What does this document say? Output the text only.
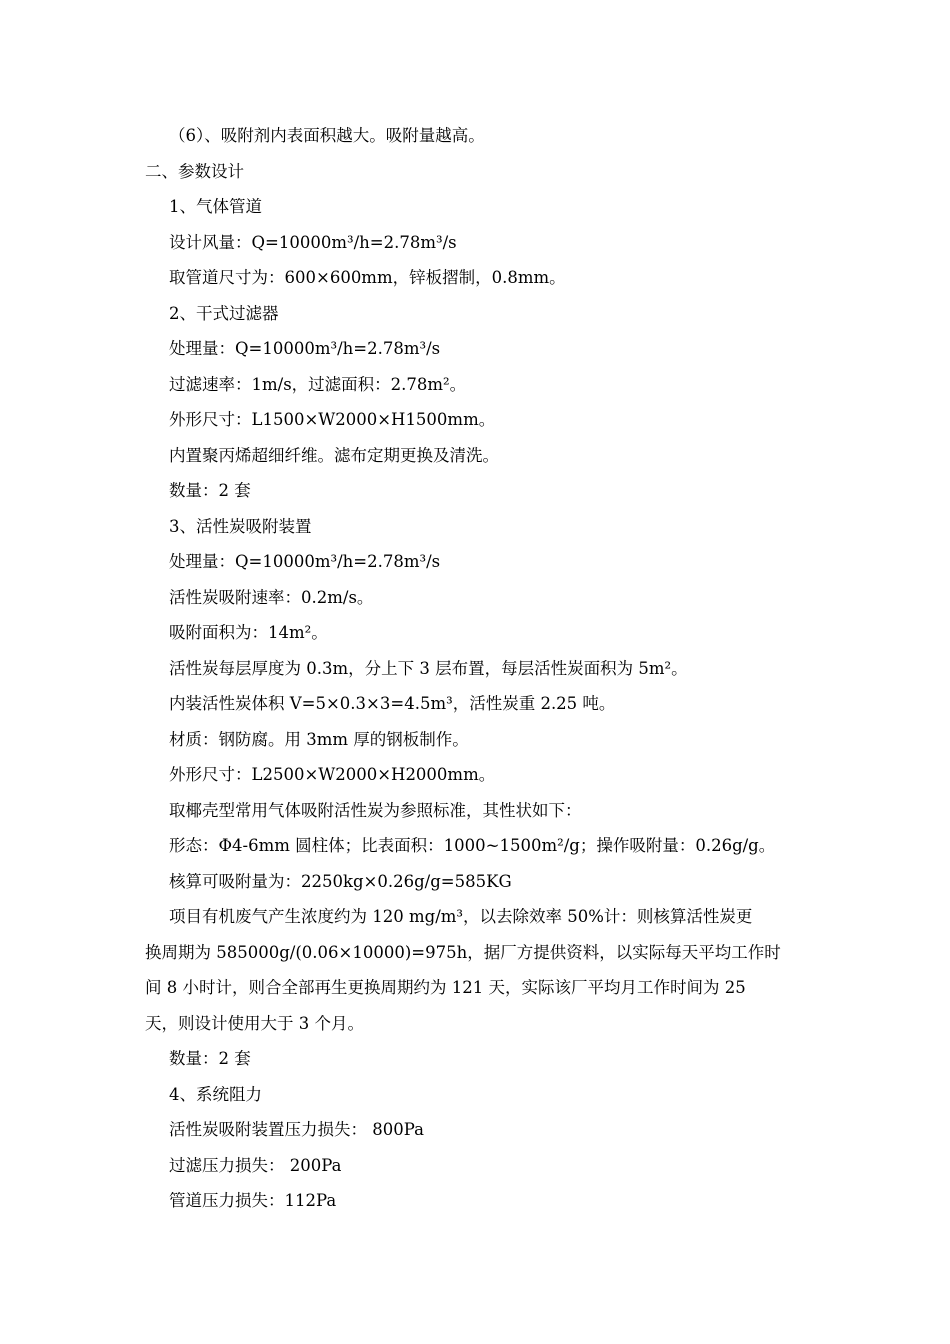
（6）、吸附剂内表面积越大。吸附量越高。
二、参数设计
1、气体管道
设计风量：Q=10000m³/h=2.78m³/s
取管道尺寸为：600×600mm，锌板摺制，0.8mm。
2、干式过滤器
处理量：Q=10000m³/h=2.78m³/s
过滤速率：1m/s，过滤面积：2.78m²。
外形尺寸：L1500×W2000×H1500mm。
内置聚丙烯超细纤维。滤布定期更换及清洗。
数量：2 套
3、活性炭吸附装置
处理量：Q=10000m³/h=2.78m³/s
活性炭吸附速率：0.2m/s。
吸附面积为：14m²。
活性炭每层厚度为 0.3m，分上下 3 层布置，每层活性炭面积为 5m²。
内装活性炭体积 V=5×0.3×3=4.5m³，活性炭重 2.25 吨。
材质：钢防腐。用 3mm 厚的钢板制作。
外形尺寸：L2500×W2000×H2000mm。
取椰壳型常用气体吸附活性炭为参照标准，其性状如下：
形态：Φ4-6mm 圆柱体；比表面积：1000~1500m²/g；操作吸附量：0.26g/g。
核算可吸附量为：2250kg×0.26g/g=585KG
项目有机废气产生浓度约为 120 mg/m³，以去除效率 50%计：则核算活性炭更
换周期为 585000g/(0.06×10000)=975h，据厂方提供资料，以实际每天平均工作时
间 8 小时计，则合全部再生更换周期约为 121 天，实际该厂平均月工作时间为 25
天，则设计使用大于 3 个月。
数量：2 套
4、系统阻力
活性炭吸附装置压力损失： 800Pa
过滤压力损失： 200Pa
管道压力损失：112Pa
